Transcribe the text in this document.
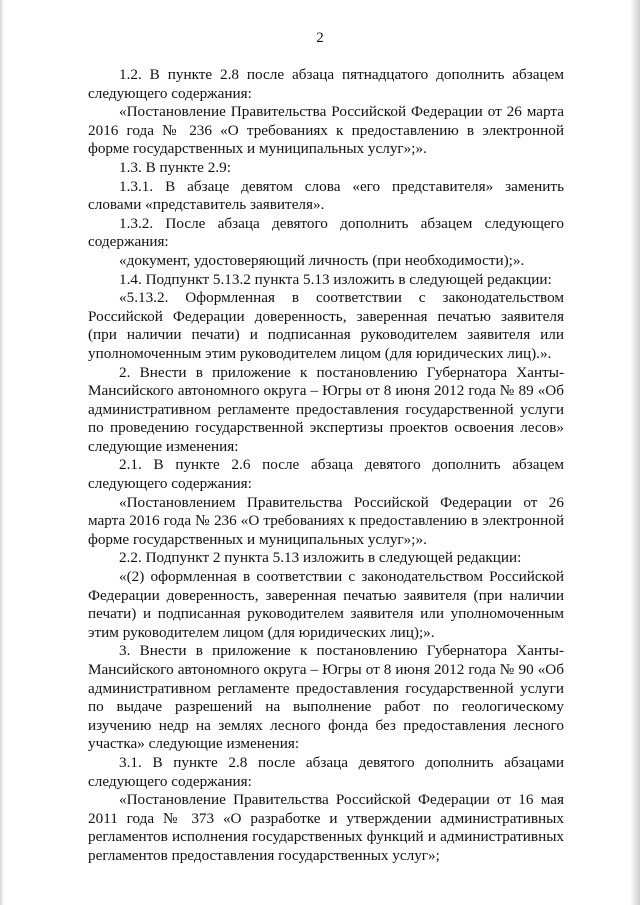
2

1.2. В пункте 2.8 после абзаца пятнадцатого дополнить абзацем следующего содержания:

«Постановление Правительства Российской Федерации от 26 марта 2016 года № 236 «О требованиях к предоставлению в электронной форме государственных и муниципальных услуг»;».

1.3. В пункте 2.9:

1.3.1. В абзаце девятом слова «его представителя» заменить словами «представитель заявителя».

1.3.2. После абзаца девятого дополнить абзацем следующего содержания:

«документ, удостоверяющий личность (при необходимости);».

1.4. Подпункт 5.13.2 пункта 5.13 изложить в следующей редакции:

«5.13.2. Оформленная в соответствии с законодательством Российской Федерации доверенность, заверенная печатью заявителя (при наличии печати) и подписанная руководителем заявителя или уполномоченным этим руководителем лицом (для юридических лиц).».

2. Внести в приложение к постановлению Губернатора Ханты-Мансийского автономного округа – Югры от 8 июня 2012 года № 89 «Об административном регламенте предоставления государственной услуги по проведению государственной экспертизы проектов освоения лесов» следующие изменения:

2.1. В пункте 2.6 после абзаца девятого дополнить абзацем следующего содержания:

«Постановлением Правительства Российской Федерации от 26 марта 2016 года № 236 «О требованиях к предоставлению в электронной форме государственных и муниципальных услуг»;».

2.2. Подпункт 2 пункта 5.13 изложить в следующей редакции:

«(2) оформленная в соответствии с законодательством Российской Федерации доверенность, заверенная печатью заявителя (при наличии печати) и подписанная руководителем заявителя или уполномоченным этим руководителем лицом (для юридических лиц);».

3. Внести в приложение к постановлению Губернатора Ханты-Мансийского автономного округа – Югры от 8 июня 2012 года № 90 «Об административном регламенте предоставления государственной услуги по выдаче разрешений на выполнение работ по геологическому изучению недр на землях лесного фонда без предоставления лесного участка» следующие изменения:

3.1. В пункте 2.8 после абзаца девятого дополнить абзацами следующего содержания:

«Постановление Правительства Российской Федерации от 16 мая 2011 года № 373 «О разработке и утверждении административных регламентов исполнения государственных функций и административных регламентов предоставления государственных услуг»;
